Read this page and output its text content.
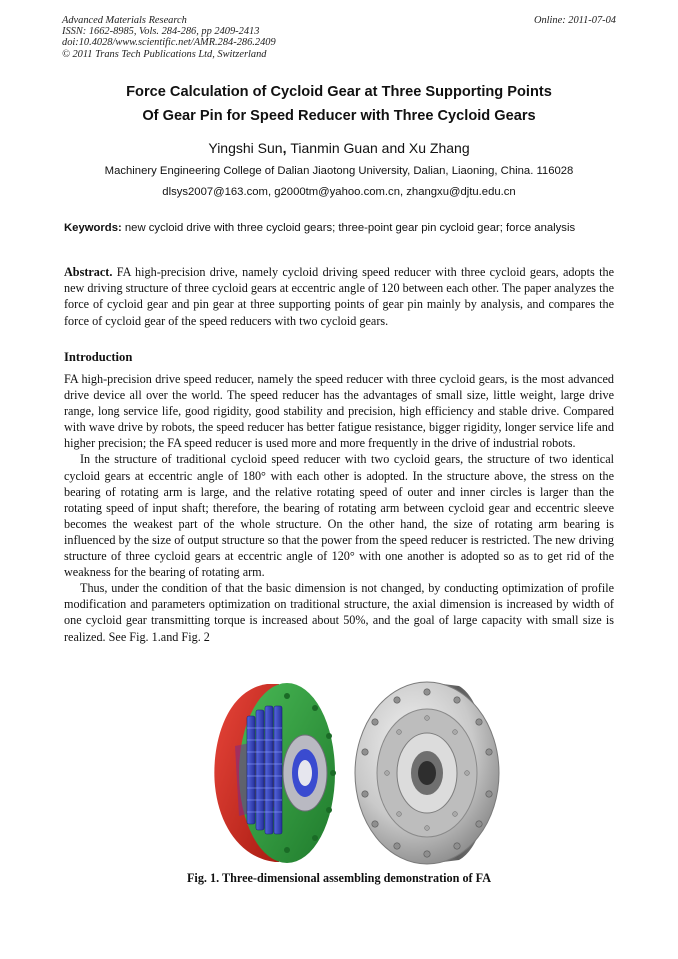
Advanced Materials Research
ISSN: 1662-8985, Vols. 284-286, pp 2409-2413
doi:10.4028/www.scientific.net/AMR.284-286.2409
© 2011 Trans Tech Publications Ltd, Switzerland
Online: 2011-07-04
Force Calculation of Cycloid Gear at Three Supporting Points
Of Gear Pin for Speed Reducer with Three Cycloid Gears
Yingshi Sun, Tianmin Guan and Xu Zhang
Machinery Engineering College of Dalian Jiaotong University, Dalian, Liaoning, China. 116028
dlsys2007@163.com, g2000tm@yahoo.com.cn, zhangxu@djtu.edu.cn
Keywords: new cycloid drive with three cycloid gears; three-point gear pin cycloid gear; force analysis
Abstract. FA high-precision drive, namely cycloid driving speed reducer with three cycloid gears, adopts the new driving structure of three cycloid gears at eccentric angle of 120 between each other. The paper analyzes the force of cycloid gear and pin gear at three supporting points of gear pin mainly by analysis, and compares the force of cycloid gear of the speed reducers with two cycloid gears.
Introduction

FA high-precision drive speed reducer, namely the speed reducer with three cycloid gears, is the most advanced drive device all over the world. The speed reducer has the advantages of small size, little weight, large drive range, long service life, good rigidity, good stability and precision, high efficiency and stable drive. Compared with wave drive by robots, the speed reducer has better fatigue resistance, bigger rigidity, longer service life and higher precision; the FA speed reducer is used more and more frequently in the drive of industrial robots.

In the structure of traditional cycloid speed reducer with two cycloid gears, the structure of two identical cycloid gears at eccentric angle of 180° with each other is adopted. In the structure above, the stress on the bearing of rotating arm is large, and the relative rotating speed of outer and inner circles is larger than the rotating speed of input shaft; therefore, the bearing of rotating arm between cycloid gear and eccentric sleeve becomes the weakest part of the whole structure. On the other hand, the size of rotating arm bearing is influenced by the size of output structure so that the power from the speed reducer is restricted. The new driving structure of three cycloid gears at eccentric angle of 120° with one another is adopted so as to get rid of the weakness for the bearing of rotating arm.

Thus, under the condition of that the basic dimension is not changed, by conducting optimization of profile modification and parameters optimization on traditional structure, the axial dimension is increased by width of one cycloid gear transmitting torque is increased about 50%, and the goal of large capacity with small size is realized. See Fig. 1.and Fig. 2

Fig. 1. Three-dimensional assembling demonstration of FA
